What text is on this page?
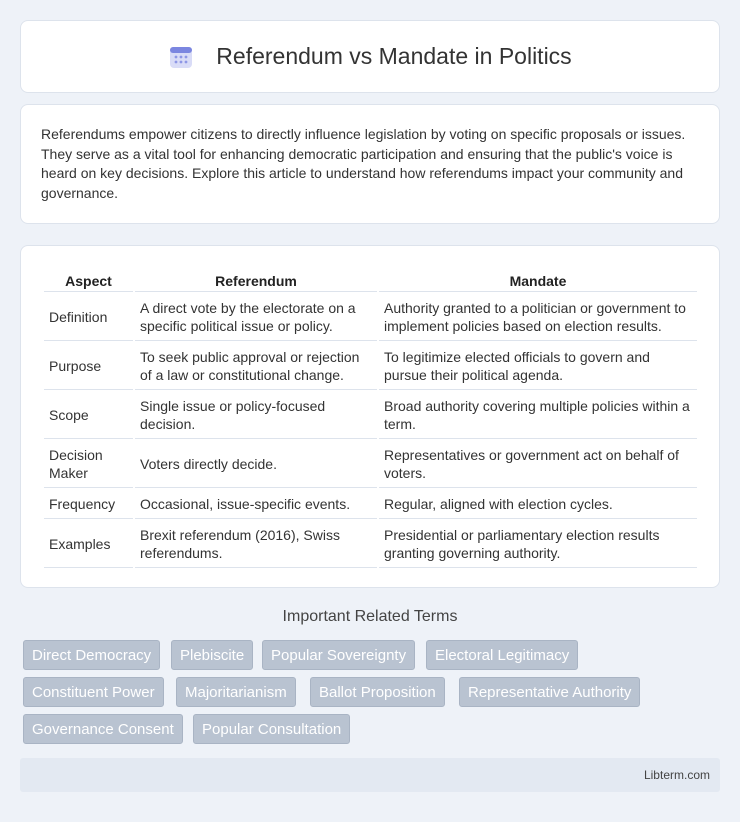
Referendum vs Mandate in Politics

Referendums empower citizens to directly influence legislation by voting on specific proposals or issues. They serve as a vital tool for enhancing democratic participation and ensuring that the public's voice is heard on key decisions. Explore this article to understand how referendums impact your community and governance.

Aspect	Referendum	Mandate
Definition	A direct vote by the electorate on a specific political issue or policy.	Authority granted to a politician or government to implement policies based on election results.
Purpose	To seek public approval or rejection of a law or constitutional change.	To legitimize elected officials to govern and pursue their political agenda.
Scope	Single issue or policy-focused decision.	Broad authority covering multiple policies within a term.
Decision Maker	Voters directly decide.	Representatives or government act on behalf of voters.
Frequency	Occasional, issue-specific events.	Regular, aligned with election cycles.
Examples	Brexit referendum (2016), Swiss referendums.	Presidential or parliamentary election results granting governing authority.
Important Related Terms
Direct Democracy	Plebiscite	Popular Sovereignty	Electoral Legitimacy
Constituent Power	Majoritarianism	Ballot Proposition	Representative Authority
Governance Consent	Popular Consultation
Libterm.com
